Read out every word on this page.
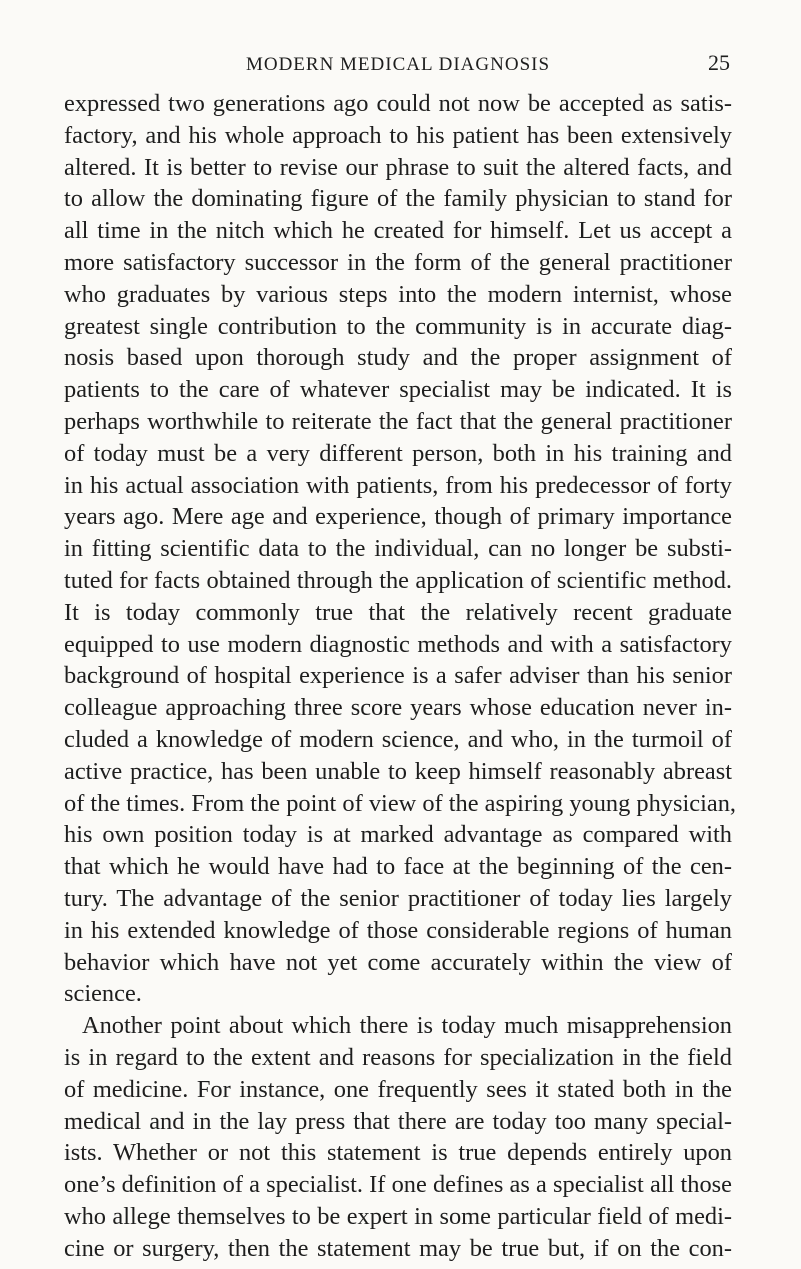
MODERN MEDICAL DIAGNOSIS	25
expressed two generations ago could not now be accepted as satis-
factory, and his whole approach to his patient has been extensively
altered. It is better to revise our phrase to suit the altered facts, and
to allow the dominating figure of the family physician to stand for
all time in the nitch which he created for himself. Let us accept a
more satisfactory successor in the form of the general practitioner
who graduates by various steps into the modern internist, whose
greatest single contribution to the community is in accurate diag-
nosis based upon thorough study and the proper assignment of
patients to the care of whatever specialist may be indicated. It is
perhaps worthwhile to reiterate the fact that the general practitioner
of today must be a very different person, both in his training and
in his actual association with patients, from his predecessor of forty
years ago. Mere age and experience, though of primary importance
in fitting scientific data to the individual, can no longer be substi-
tuted for facts obtained through the application of scientific method.
It is today commonly true that the relatively recent graduate
equipped to use modern diagnostic methods and with a satisfactory
background of hospital experience is a safer adviser than his senior
colleague approaching three score years whose education never in-
cluded a knowledge of modern science, and who, in the turmoil of
active practice, has been unable to keep himself reasonably abreast
of the times. From the point of view of the aspiring young physician,
his own position today is at marked advantage as compared with
that which he would have had to face at the beginning of the cen-
tury. The advantage of the senior practitioner of today lies largely
in his extended knowledge of those considerable regions of human
behavior which have not yet come accurately within the view of
science.
Another point about which there is today much misapprehension
is in regard to the extent and reasons for specialization in the field
of medicine. For instance, one frequently sees it stated both in the
medical and in the lay press that there are today too many special-
ists. Whether or not this statement is true depends entirely upon
one’s definition of a specialist. If one defines as a specialist all those
who allege themselves to be expert in some particular field of medi-
cine or surgery, then the statement may be true but, if on the con-
